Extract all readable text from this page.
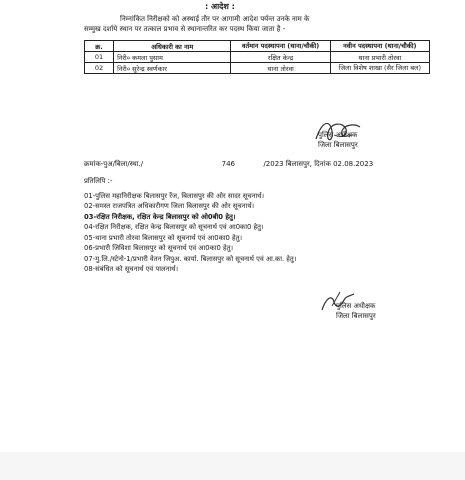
: आदेश :
निम्नांकित निरीक्षको को अस्थाई तौर पर आगामी आदेश पर्यन्त उनके नाम के
सम्मुख दर्शाये स्थान पर तत्काल प्रभाव से स्थानान्तरित कर पदस्थ किया जाता है -
क्र.	अधिकारी का नाम	वर्तमान पदस्थापना (थाना/चौकी)	नवीन पदस्थापना (थाना/चौकी)
01	निरी० कमला पुसाम	रक्षित केन्द्र	थाना प्रभारी तोरवा
02	निरी० सुरेन्द्र स्वर्णकार	थाना तोरवा	जिला विशेष शाखा (सैर जिला बल)
पुलिस अधीक्षक
जिला बिलासपुर
क्रमांक-पुअ/बिला/स्था./	746	/2023 बिलासपुर, दिनांक 02.08.2023
प्रतिलिपि :-
01-पुलिस महानिरीक्षक बिलासपुर रेंज, बिलासपुर की ओर सादर सूचनार्थ।
02-समस्त राजपत्रित अधिकारीगण जिला बिलासपुर की ओर सूचनार्थ।
03-रक्षित निरीक्षक, रक्षित केन्द्र बिलासपुर को ओ0बी0 हेतु।
04-रक्षित निरीक्षक, रक्षित केन्द्र बिलासपुर को सूचनार्थ एवं आ0का0 हेतु।
05-थाना प्रभारी तोरवा बिलासपुर को सूचनार्थ एवं आ0का0 हेतु।
06-प्रभारी जिविशा बिलासपुर को सूचनार्थ एवं आ0का0 हेतु।
07-मु.लि./स्टेनो-1/प्रभारी वेतन जिपुअ. कार्या. बिलासपुर को सूचनार्थ एवं आ.का. हेतु।
08-संबंधित को सूचनार्थ एवं पालनार्थ।
पुलिस अधीक्षक
जिला बिलासपुर
